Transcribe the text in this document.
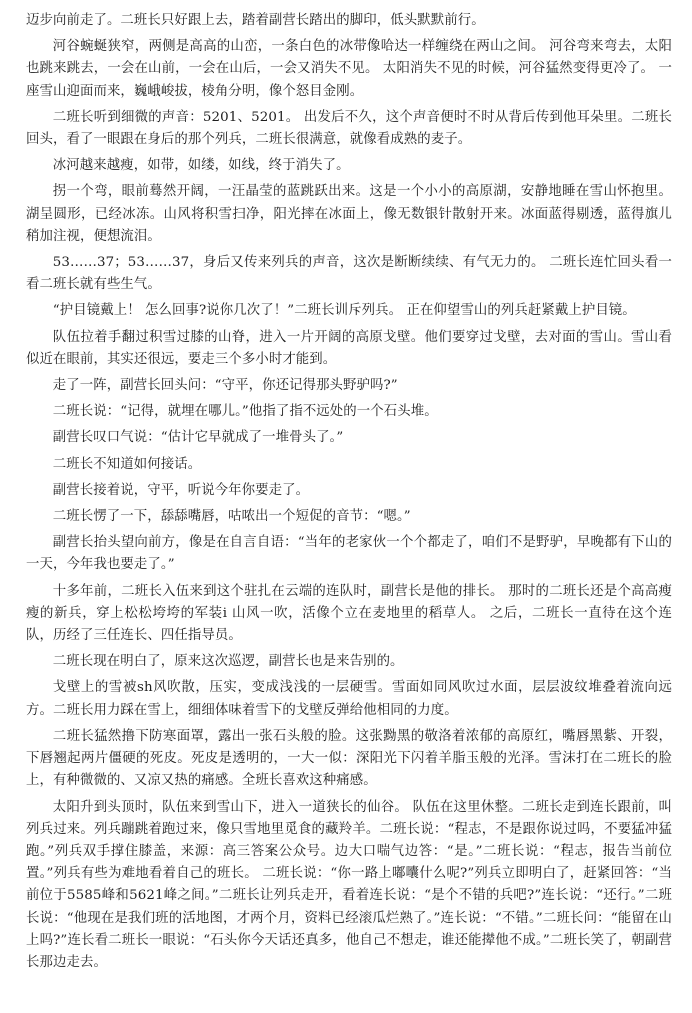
迈步向前走了。二班长只好跟上去，踏着副营长踏出的脚印，低头默默前行。

河谷蜿蜒狭窄，两侧是高高的山峦，一条白色的冰带像哈达一样缠绕在两山之间。 河谷弯来弯去，太阳也跳来跳去，一会在山前，一会在山后，一会又消失不见。 太阳消失不见的时候，河谷猛然变得更冷了。 一座雪山迎面而来，巍峨峻拔，棱角分明，像个怒目金刚。

二班长听到细微的声音：5201、5201。 出发后不久，这个声音便时不时从背后传到他耳朵里。二班长回头，看了一眼跟在身后的那个列兵，二班长很满意，就像看成熟的麦子。

冰河越来越瘦，如带，如缕，如线，终于消失了。

拐一个弯，眼前蓦然开阔，一汪晶莹的蓝跳跃出来。这是一个小小的高原湖，安静地睡在雪山怀抱里。湖呈圆形，已经冰冻。山风将积雪扫净，阳光摔在冰面上，像无数银针散射开来。冰面蓝得剔透，蓝得旗儿稍加注视，便想流泪。

53……37；53……37，身后又传来列兵的声音，这次是断断续续、有气无力的。 二班长连忙回头看一看二班长就有些生气。

“护目镜戴上！ 怎么回事?说你几次了！”二班长训斥列兵。 正在仰望雪山的列兵赶紧戴上护目镜。

队伍拉着手翻过积雪过膝的山脊，进入一片开阔的高原戈壁。他们要穿过戈壁，去对面的雪山。雪山看似近在眼前，其实还很远，要走三个多小时才能到。

走了一阵，副营长回头问：“守平，你还记得那头野驴吗?”

二班长说：“记得，就埋在哪儿。”他指了指不远处的一个石头堆。

副营长叹口气说：“估计它早就成了一堆骨头了。”

二班长不知道如何接话。

副营长接着说，守平，听说今年你要走了。

二班长愣了一下，舔舔嘴唇，咕哝出一个短促的音节：“嗯。”

副营长抬头望向前方，像是在自言自语：“当年的老家伙一个个都走了，咱们不是野驴，早晚都有下山的一天，今年我也要走了。”

十多年前，二班长入伍来到这个驻扎在云端的连队时，副营长是他的排长。 那时的二班长还是个高高瘦瘦的新兵，穿上松松垮垮的军装і 山风一吹，活像个立在麦地里的稻草人。 之后，二班长一直待在这个连队，历经了三任连长、四任指导员。

二班长现在明白了，原来这次巡逻，副营长也是来告别的。

戈壁上的雪被sh风吹散，压实，变成浅浅的一层硬雪。雪面如同风吹过水面，层层波纹堆叠着流向远方。二班长用力踩在雪上，细细体味着雪下的戈壁反弹给他相同的力度。

二班长猛然撸下防寒面罩，露出一张石头般的脸。这张黝黑的敬洛着浓郁的高原红，嘴唇黑紫、开裂，下唇翘起两片僵硬的死皮。死皮是透明的，一大一似：深阳光下闪着羊脂玉般的光泽。雪沫打在二班长的脸上，有种微微的、又凉又热的痛感。全班长喜欢这种痛感。

太阳升到头顶时，队伍来到雪山下，进入一道狭长的仙谷。 队伍在这里休整。二班长走到连长跟前，叫列兵过来。列兵蹦跳着跑过来，像只雪地里觅食的藏羚羊。二班长说：“程志，不是跟你说过吗，不要猛冲猛跑。”列兵双手撑住膝盖，来源：高三答案公众号。边大口喘气边答：“是。”二班长说：“程志，报告当前位置。”列兵有些为难地看着自己的班长。 二班长说：“你一路上嘟囔什么呢?”列兵立即明白了，赶紧回答：“当前位于5585峰和5621峰之间。”二班长让列兵走开，看着连长说：“是个不错的兵吧?”连长说：“还行。”二班长说：“他现在是我们班的活地图，才两个月，资料已经滚瓜烂熟了。”连长说：“不错。”二班长问：“能留在山上吗?”连长看二班长一眼说：“石头你今天话还真多，他自己不想走，谁还能撵他不成。”二班长笑了，朝副营长那边走去。
